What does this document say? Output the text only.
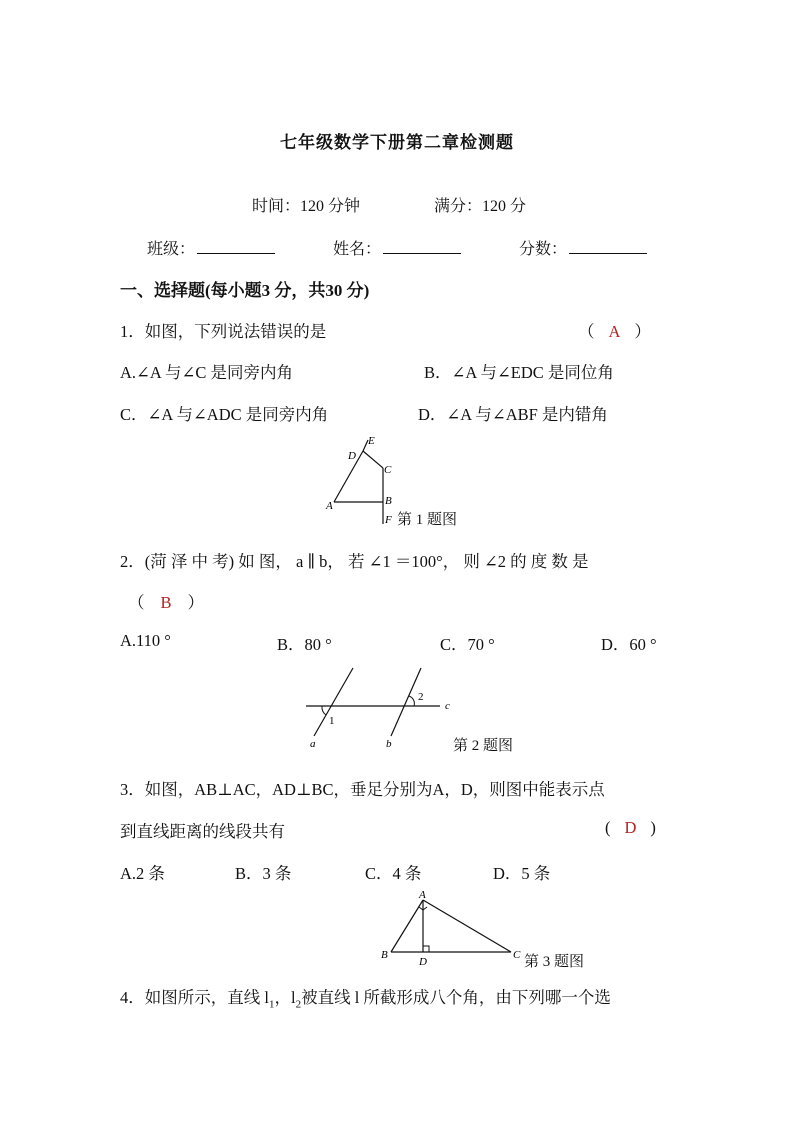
七年级数学下册第二章检测题
时间：120 分钟	满分：120 分
班级：	姓名：	分数：
一、选择题(每小题3 分，共30 分)
1．如图，下列说法错误的是	（ A ）
A.∠A 与∠C 是同旁内角	B．∠A 与∠EDC 是同位角
C．∠A 与∠ADC 是同旁内角	D．∠A 与∠ABF 是内错角
E
D
C
A	B
F 第 1 题图
2．(菏 泽 中 考) 如 图， a ∥ b， 若 ∠1 ＝100°， 则 ∠2 的 度 数 是
（ B ）
A.110 °	B．80 °	C．70 °	D．60 °
1
2
c
a	b	第 2 题图
3．如图，AB⊥AC，AD⊥BC，垂足分别为A，D，则图中能表示点
到直线距离的线段共有	( D )
A.2 条	B．3 条	C．4 条	D．5 条
A
B	C
D	第 3 题图
4．如图所示，直线 $l_1$，$l_2$被直线 l 所截形成八个角，由下列哪一个选
